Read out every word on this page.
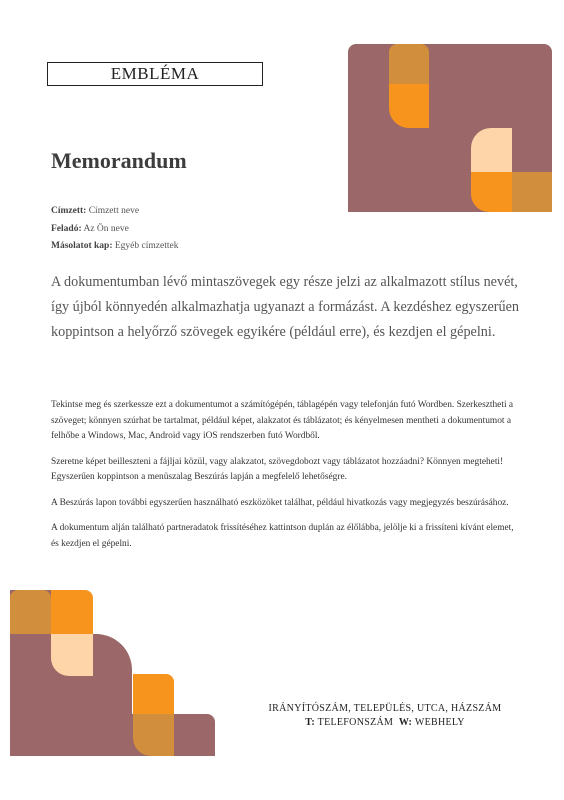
EMBLÉMA
Memorandum
Címzett: Címzett neve
Feladó: Az Ön neve
Másolatot kap: Egyéb címzettek

A dokumentumban lévő mintaszövegek egy része jelzi az alkalmazott stílus nevét, így újból könnyedén alkalmazhatja ugyanazt a formázást. A kezdéshez egyszerűen koppintson a helyőrző szövegek egyikére (például erre), és kezdjen el gépelni.

Tekintse meg és szerkessze ezt a dokumentumot a számítógépén, táblagépén vagy telefonján futó Wordben. Szerkesztheti a szöveget; könnyen szúrhat be tartalmat, például képet, alakzatot és táblázatot; és kényelmesen mentheti a dokumentumot a felhőbe a Windows, Mac, Android vagy iOS rendszerben futó Wordből.

Szeretne képet beilleszteni a fájljai közül, vagy alakzatot, szövegdobozt vagy táblázatot hozzáadni? Könnyen megteheti! Egyszerűen koppintson a menüszalag Beszúrás lapján a megfelelő lehetőségre.

A Beszúrás lapon további egyszerűen használható eszközöket találhat, például hivatkozás vagy megjegyzés beszúrásához.

A dokumentum alján található partneradatok frissítéséhez kattintson duplán az élőlábba, jelölje ki a frissíteni kívánt elemet, és kezdjen el gépelni.

IRÁNYÍTÓSZÁM, TELEPÜLÉS, UTCA, HÁZSZÁM
T: TELEFONSZÁM W: WEBHELY
